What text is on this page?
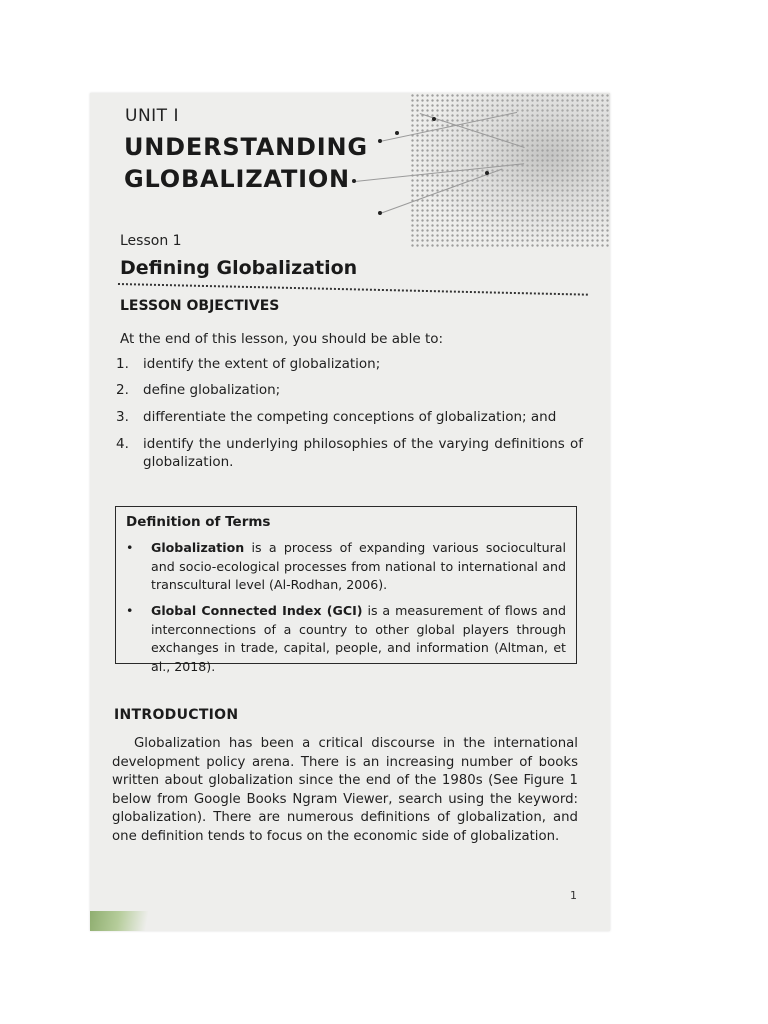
UNIT I
UNDERSTANDING
GLOBALIZATION
Lesson 1
Defining Globalization
LESSON OBJECTIVES
At the end of this lesson, you should be able to:
1. identify the extent of globalization;
2. define globalization;
3. differentiate the competing conceptions of globalization; and
4. identify the underlying philosophies of the varying definitions of globalization.
Definition of Terms
• Globalization is a process of expanding various sociocultural and socio-ecological processes from national to international and transcultural level (Al-Rodhan, 2006).
• Global Connected Index (GCI) is a measurement of flows and interconnections of a country to other global players through exchanges in trade, capital, people, and information (Altman, et al., 2018).
INTRODUCTION
Globalization has been a critical discourse in the international development policy arena. There is an increasing number of books written about globalization since the end of the 1980s (See Figure 1 below from Google Books Ngram Viewer, search using the keyword: globalization). There are numerous definitions of globalization, and one definition tends to focus on the economic side of globalization.
1
